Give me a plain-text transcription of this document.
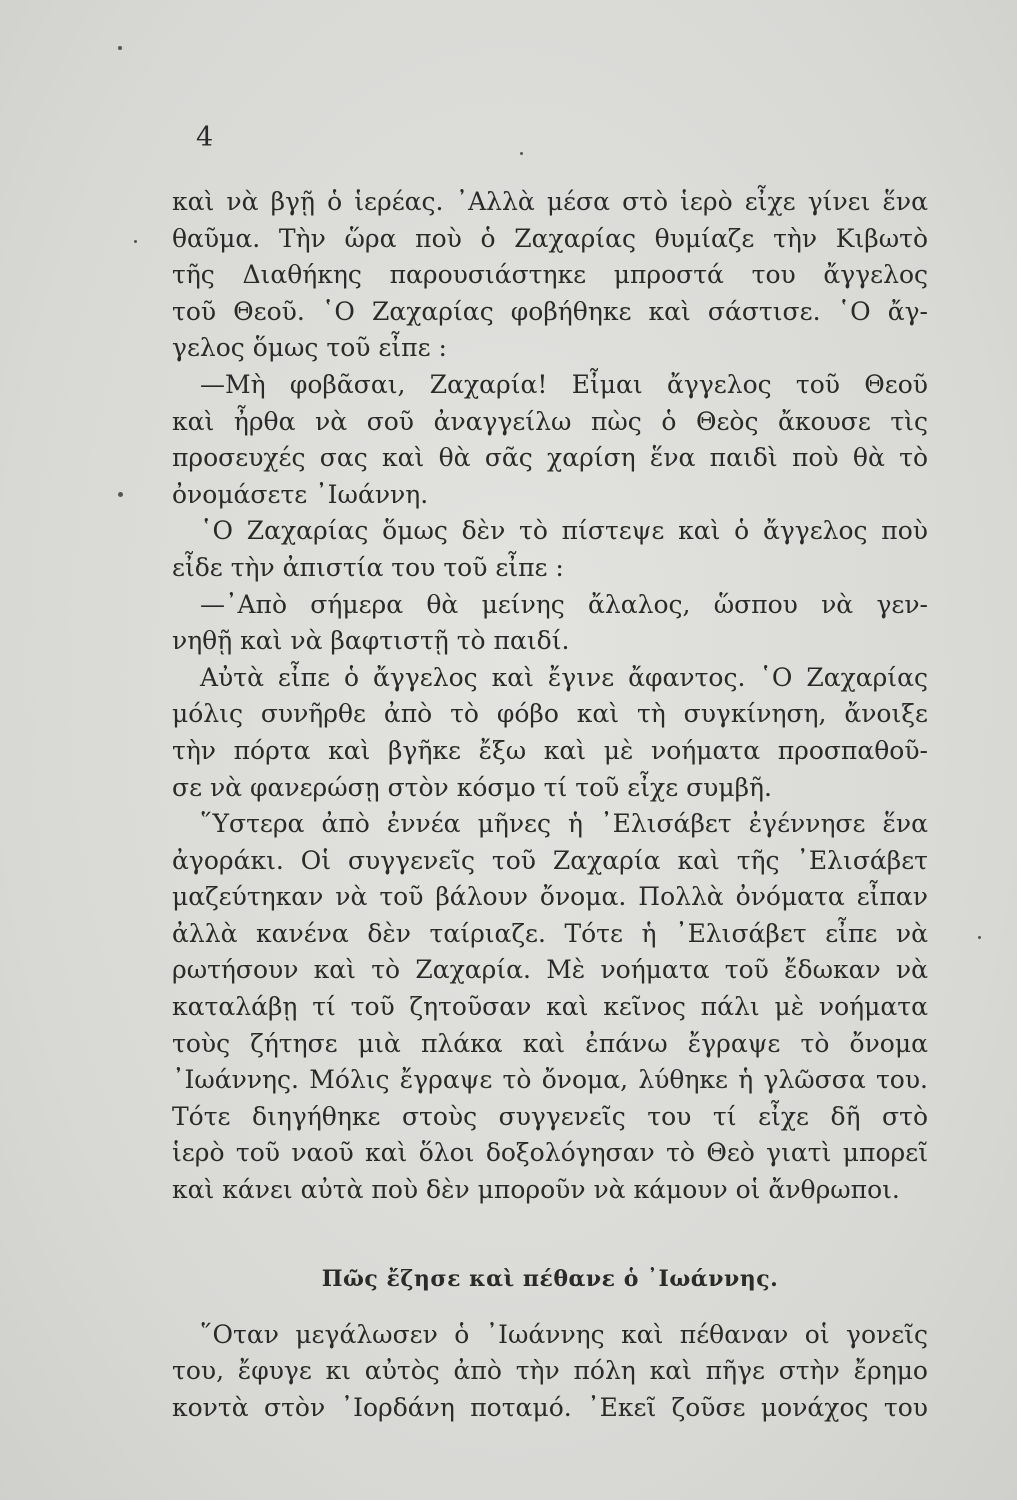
4
καὶ νὰ βγῇ ὁ ἱερέας. ᾿Αλλὰ μέσα στὸ ἱερὸ εἶχε γίνει ἕνα
θαῦμα. Τὴν ὥρα ποὺ ὁ Ζαχαρίας θυμίαζε τὴν Κιβωτὸ
τῆς Διαθήκης παρουσιάστηκε μπροστά του ἄγγελος
τοῦ Θεοῦ. ῾Ο Ζαχαρίας φοβήθηκε καὶ σάστισε. ῾Ο ἄγ-
γελος ὅμως τοῦ εἶπε :
—Μὴ φοβᾶσαι, Ζαχαρία! Εἶμαι ἄγγελος τοῦ Θεοῦ
καὶ ἦρθα νὰ σοῦ ἀναγγείλω πὼς ὁ Θεὸς ἄκουσε τὶς
προσευχές σας καὶ θὰ σᾶς χαρίση ἕνα παιδὶ ποὺ θὰ τὸ
ὀνομάσετε ᾿Ιωάννη.
῾Ο Ζαχαρίας ὅμως δὲν τὸ πίστεψε καὶ ὁ ἄγγελος ποὺ
εἶδε τὴν ἀπιστία του τοῦ εἶπε :
—᾿Απὸ σήμερα θὰ μείνης ἄλαλος, ὥσπου νὰ γεν-
νηθῇ καὶ νὰ βαφτιστῇ τὸ παιδί.
Αὐτὰ εἶπε ὁ ἄγγελος καὶ ἔγινε ἄφαντος. ῾Ο Ζαχαρίας
μόλις συνῆρθε ἀπὸ τὸ φόβο καὶ τὴ συγκίνηση, ἄνοιξε
τὴν πόρτα καὶ βγῆκε ἔξω καὶ μὲ νοήματα προσπαθοῦ-
σε νὰ φανερώσῃ στὸν κόσμο τί τοῦ εἶχε συμβῆ.
῞Υστερα ἀπὸ ἐννέα μῆνες ἡ ᾿Ελισάβετ ἐγέννησε ἕνα
ἀγοράκι. Οἱ συγγενεῖς τοῦ Ζαχαρία καὶ τῆς ᾿Ελισάβετ
μαζεύτηκαν νὰ τοῦ βάλουν ὄνομα. Πολλὰ ὀνόματα εἶπαν
ἀλλὰ κανένα δὲν ταίριαζε. Τότε ἡ ᾿Ελισάβετ εἶπε νὰ
ρωτήσουν καὶ τὸ Ζαχαρία. Μὲ νοήματα τοῦ ἔδωκαν νὰ
καταλάβῃ τί τοῦ ζητοῦσαν καὶ κεῖνος πάλι μὲ νοήματα
τοὺς ζήτησε μιὰ πλάκα καὶ ἐπάνω ἔγραψε τὸ ὄνομα
᾿Ιωάννης. Μόλις ἔγραψε τὸ ὄνομα, λύθηκε ἡ γλῶσσα του.
Τότε διηγήθηκε στοὺς συγγενεῖς του τί εἶχε δῆ στὸ
ἱερὸ τοῦ ναοῦ καὶ ὅλοι δοξολόγησαν τὸ Θεὸ γιατὶ μπορεῖ
καὶ κάνει αὐτὰ ποὺ δὲν μποροῦν νὰ κάμουν οἱ ἄνθρωποι.
Πῶς ἔζησε καὶ πέθανε ὁ ᾿Ιωάννης.
῞Οταν μεγάλωσεν ὁ ᾿Ιωάννης καὶ πέθαναν οἱ γονεῖς
του, ἔφυγε κι αὐτὸς ἀπὸ τὴν πόλη καὶ πῆγε στὴν ἔρημο
κοντὰ στὸν ᾿Ιορδάνη ποταμό. ᾿Εκεῖ ζοῦσε μονάχος του
